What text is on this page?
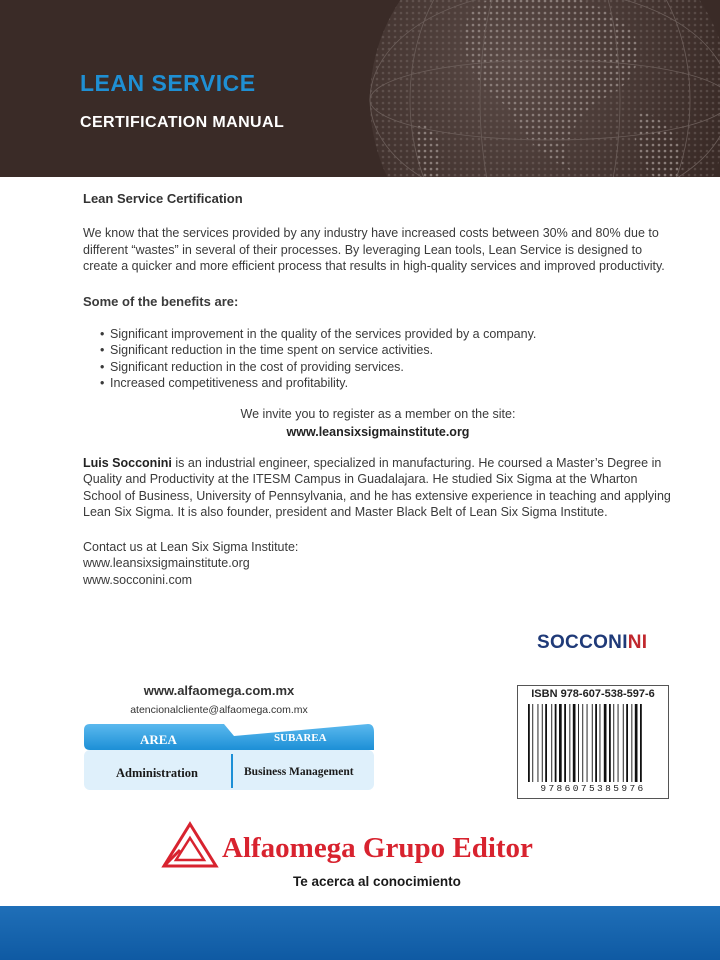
LEAN SERVICE
CERTIFICATION MANUAL

Lean Service Certification

We know that the services provided by any industry have increased costs between 30% and 80% due to different “wastes” in several of their processes. By leveraging Lean tools, Lean Service is designed to create a quicker and more efficient process that results in high-quality services and improved productivity.

Some of the benefits are:

• Significant improvement in the quality of the services provided by a company.
• Significant reduction in the time spent on service activities.
• Significant reduction in the cost of providing services.
• Increased competitiveness and profitability.

We invite you to register as a member on the site:

www.leansixsigmainstitute.org

Luis Socconini is an industrial engineer, specialized in manufacturing. He coursed a Master’s Degree in Quality and Productivity at the ITESM Campus in Guadalajara. He studied Six Sigma at the Wharton School of Business, University of Pennsylvania, and he has extensive experience in teaching and applying Lean Six Sigma. It is also founder, president and Master Black Belt of Lean Six Sigma Institute.

Contact us at Lean Six Sigma Institute:

www.leansixsigmainstitute.org

www.socconini.com

SOCCONINI
www.alfaomega.com.mx
atencionalcliente@alfaomega.com.mx
AREA	SUBAREA
Administration	Business Management
ISBN 978-607-538-597-6
9786075385976
Alfaomega Grupo Editor
Te acerca al conocimiento
